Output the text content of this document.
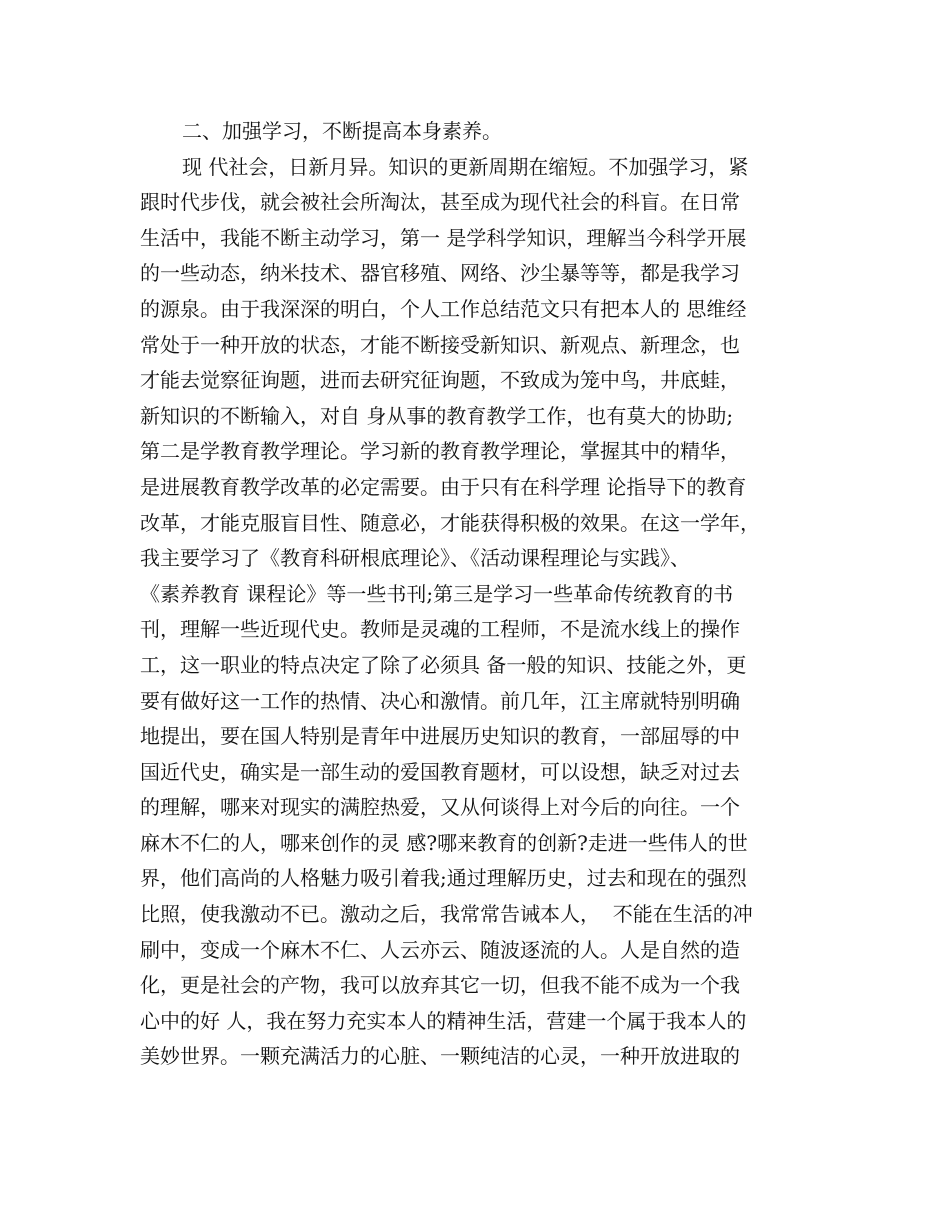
二、加强学习，不断提高本身素养。
现 代社会，日新月异。知识的更新周期在缩短。不加强学习，紧
跟时代步伐，就会被社会所淘汰，甚至成为现代社会的科盲。在日常
生活中，我能不断主动学习，第一 是学科学知识，理解当今科学开展
的一些动态，纳米技术、器官移殖、网络、沙尘暴等等，都是我学习
的源泉。由于我深深的明白，个人工作总结范文只有把本人的 思维经
常处于一种开放的状态，才能不断接受新知识、新观点、新理念，也
才能去觉察征询题，进而去研究征询题，不致成为笼中鸟，井底蛙，
新知识的不断输入，对自 身从事的教育教学工作，也有莫大的协助;
第二是学教育教学理论。学习新的教育教学理论，掌握其中的精华，
是进展教育教学改革的必定需要。由于只有在科学理 论指导下的教育
改革，才能克服盲目性、随意必，才能获得积极的效果。在这一学年，
我主要学习了《教育科研根底理论》、《活动课程理论与实践》、
《素养教育 课程论》等一些书刊;第三是学习一些革命传统教育的书
刊，理解一些近现代史。教师是灵魂的工程师，不是流水线上的操作
工，这一职业的特点决定了除了必须具 备一般的知识、技能之外，更
要有做好这一工作的热情、决心和激情。前几年，江主席就特别明确
地提出，要在国人特别是青年中进展历史知识的教育，一部屈辱的中
国近代史，确实是一部生动的爱国教育题材，可以设想，缺乏对过去
的理解，哪来对现实的满腔热爱，又从何谈得上对今后的向往。一个
麻木不仁的人，哪来创作的灵 感?哪来教育的创新?走进一些伟人的世
界，他们高尚的人格魅力吸引着我;通过理解历史，过去和现在的强烈
比照，使我激动不已。激动之后，我常常告诫本人，  不能在生活的冲
刷中，变成一个麻木不仁、人云亦云、随波逐流的人。人是自然的造
化，更是社会的产物，我可以放弃其它一切，但我不能不成为一个我
心中的好 人，我在努力充实本人的精神生活，营建一个属于我本人的
美妙世界。一颗充满活力的心脏、一颗纯洁的心灵，一种开放进取的
